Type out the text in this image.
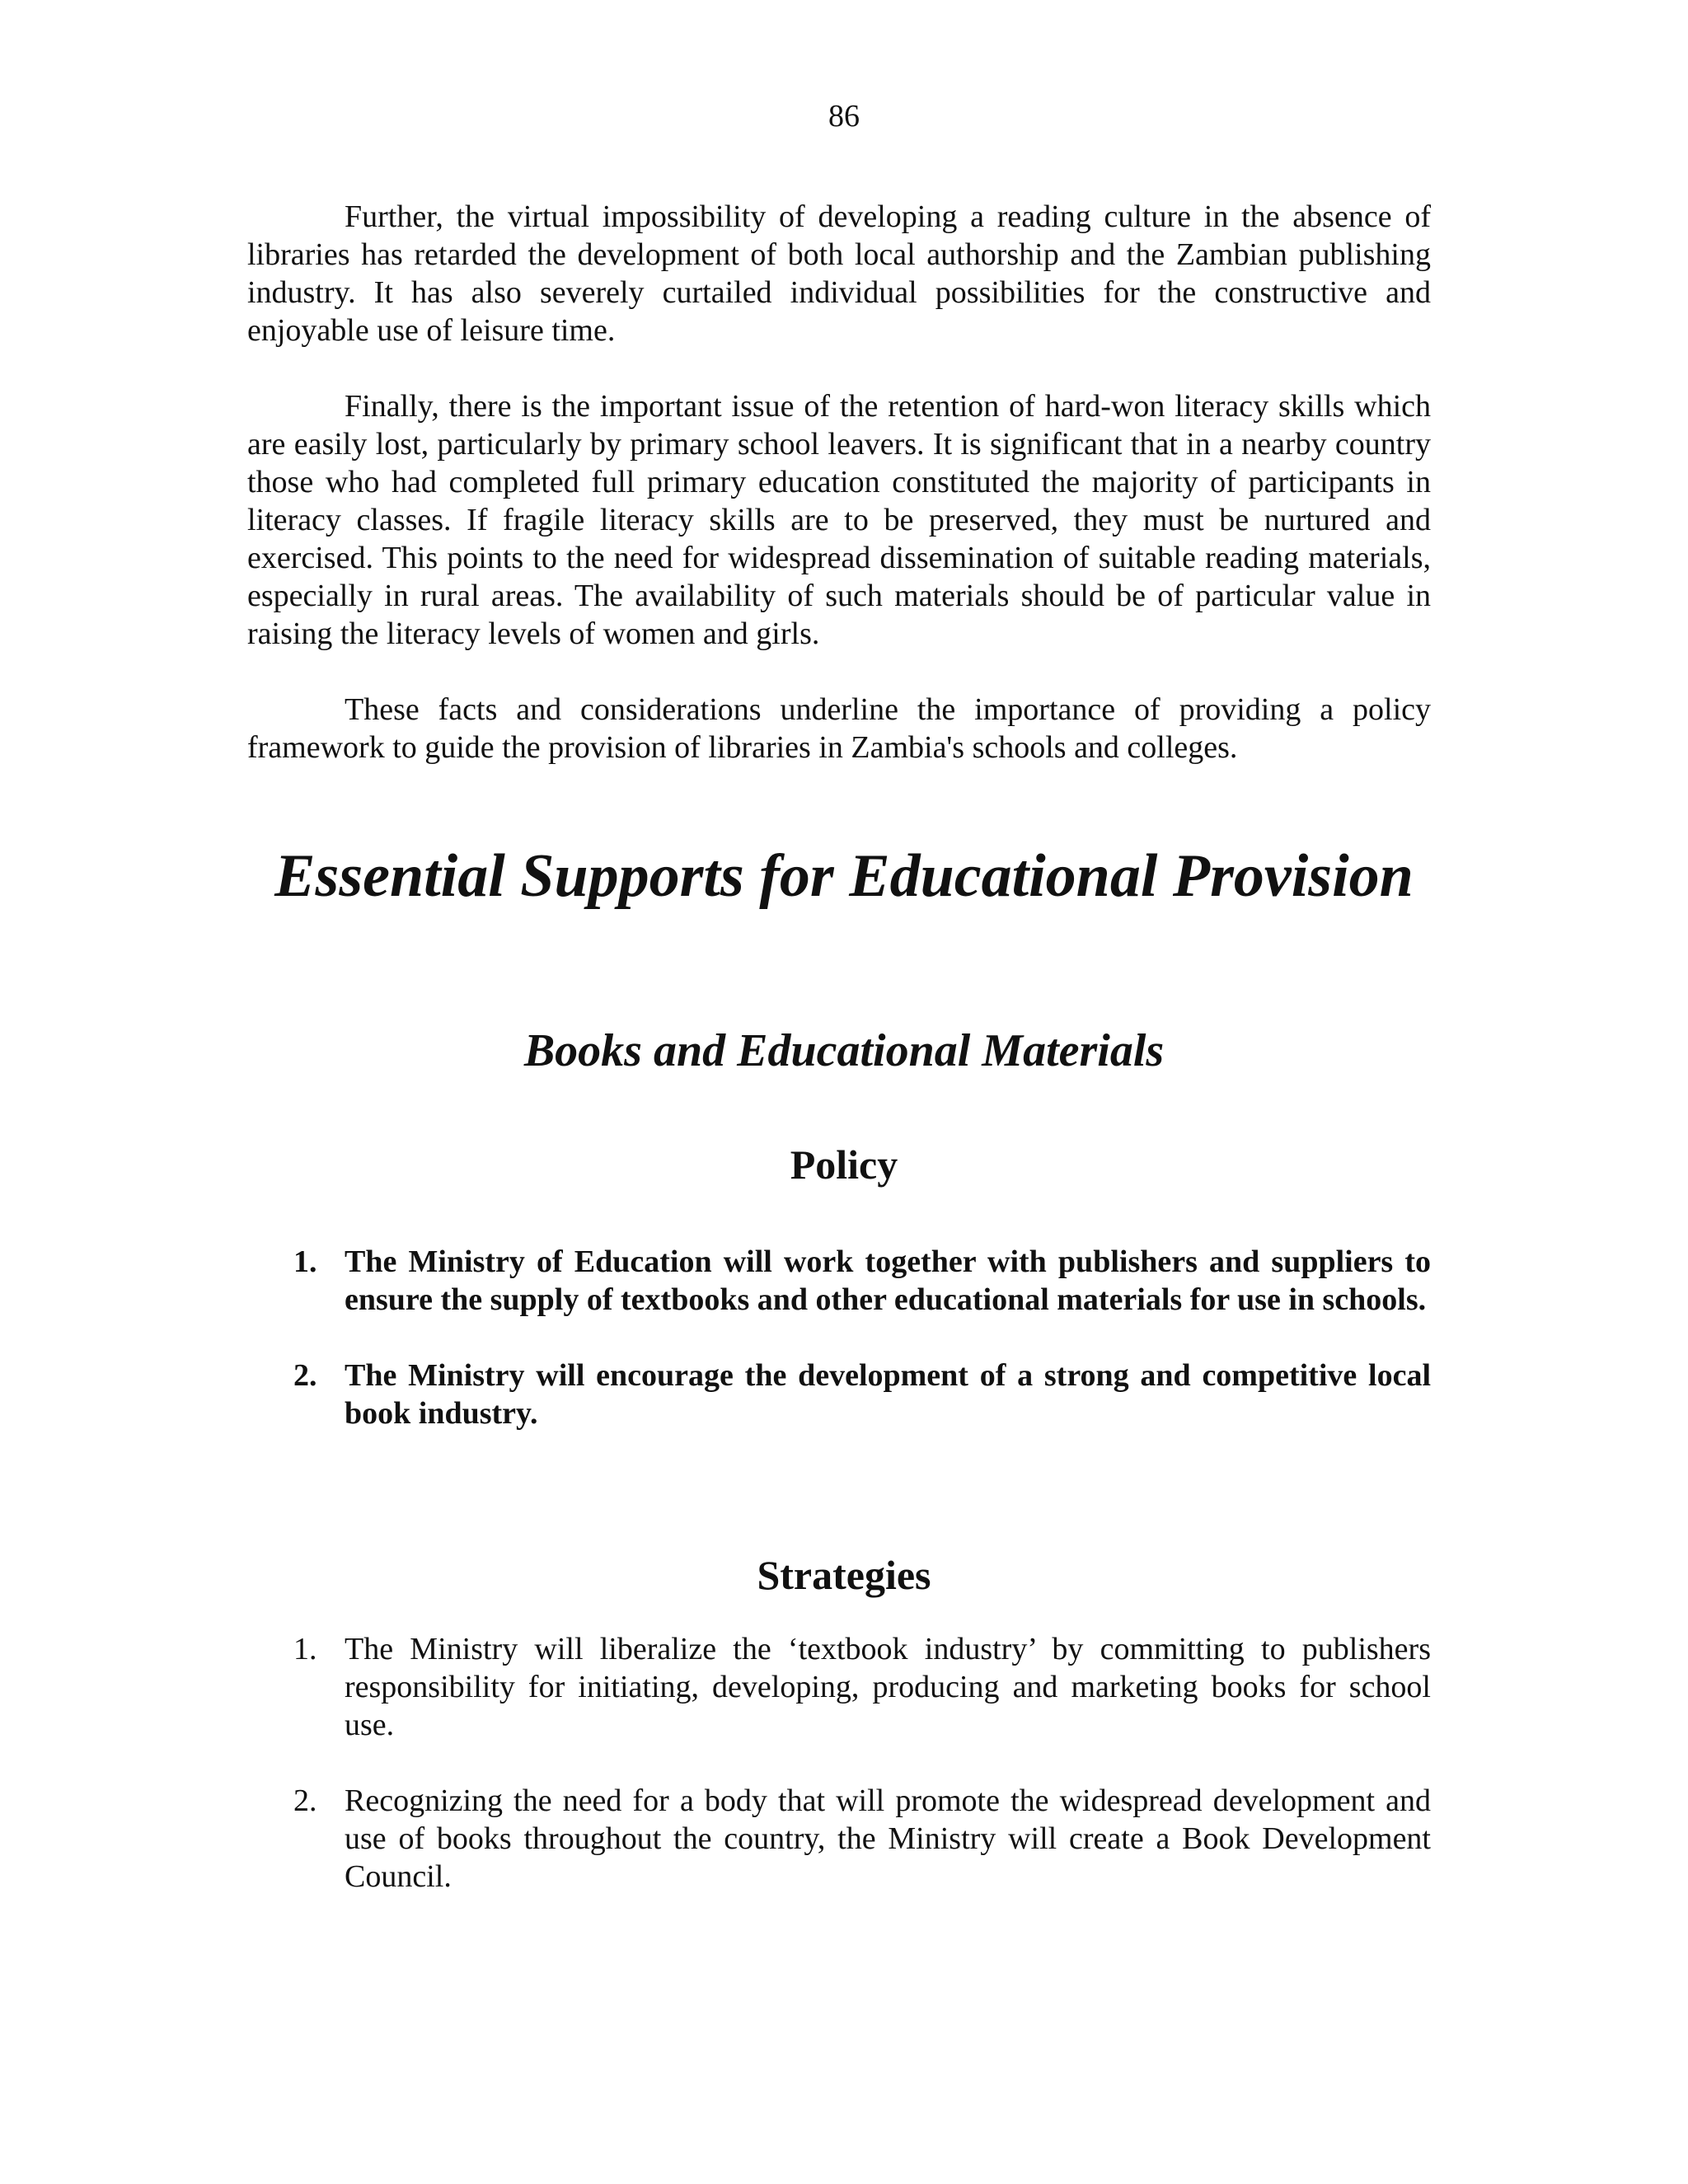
86

Further, the virtual impossibility of developing a reading culture in the absence of libraries has retarded the development of both local authorship and the Zambian publishing industry. It has also severely curtailed individual possibilities for the constructive and enjoyable use of leisure time.

Finally, there is the important issue of the retention of hard-won literacy skills which are easily lost, particularly by primary school leavers. It is significant that in a nearby country those who had completed full primary education constituted the majority of participants in literacy classes. If fragile literacy skills are to be preserved, they must be nurtured and exercised. This points to the need for widespread dissemination of suitable reading materials, especially in rural areas. The availability of such materials should be of particular value in raising the literacy levels of women and girls.

These facts and considerations underline the importance of providing a policy framework to guide the provision of libraries in Zambia's schools and colleges.

Essential Supports for Educational Provision
Books and Educational Materials
Policy
1. The Ministry of Education will work together with publishers and suppliers to ensure the supply of textbooks and other educational materials for use in schools.
2. The Ministry will encourage the development of a strong and competitive local book industry.
Strategies
1. The Ministry will liberalize the ‘textbook industry’ by committing to publishers responsibility for initiating, developing, producing and marketing books for school use.
2. Recognizing the need for a body that will promote the widespread development and use of books throughout the country, the Ministry will create a Book Development Council.
